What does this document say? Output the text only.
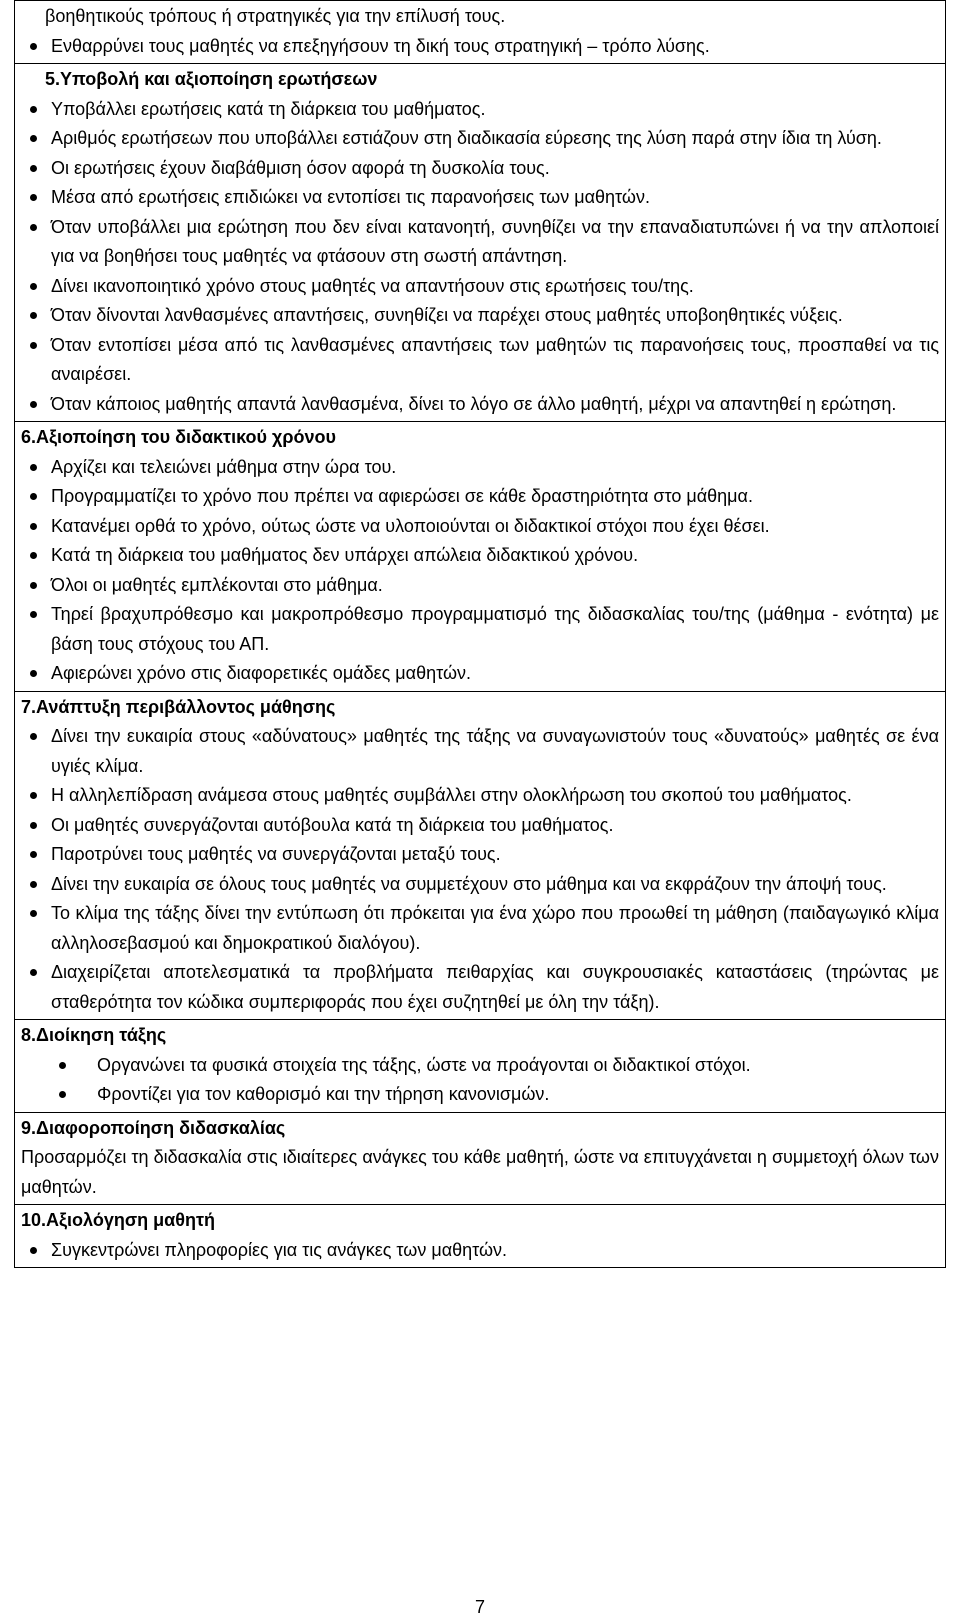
βοηθητικούς τρόπους ή στρατηγικές για την επίλυσή τους.
Ενθαρρύνει τους μαθητές να επεξηγήσουν τη δική τους στρατηγική – τρόπο λύσης.

5.Υποβολή και αξιοποίηση ερωτήσεων
Υποβάλλει ερωτήσεις κατά τη διάρκεια του μαθήματος.
Αριθμός ερωτήσεων που υποβάλλει εστιάζουν στη διαδικασία εύρεσης της λύση παρά στην ίδια τη λύση.
Οι ερωτήσεις έχουν διαβάθμιση όσον αφορά τη δυσκολία τους.
Μέσα από ερωτήσεις επιδιώκει να εντοπίσει τις παρανοήσεις των μαθητών.
Όταν υποβάλλει μια ερώτηση που δεν είναι κατανοητή, συνηθίζει να την επαναδιατυπώνει ή να την απλοποιεί για να βοηθήσει τους μαθητές να φτάσουν στη σωστή απάντηση.
Δίνει ικανοποιητικό χρόνο στους μαθητές να απαντήσουν στις ερωτήσεις του/της.
Όταν δίνονται λανθασμένες απαντήσεις, συνηθίζει να παρέχει στους μαθητές υποβοηθητικές νύξεις.
Όταν εντοπίσει μέσα από τις λανθασμένες απαντήσεις των μαθητών τις παρανοήσεις τους, προσπαθεί να τις αναιρέσει.
Όταν κάποιος μαθητής απαντά λανθασμένα, δίνει το λόγο σε άλλο μαθητή, μέχρι να απαντηθεί η ερώτηση.

6.Αξιοποίηση του διδακτικού χρόνου
Αρχίζει και τελειώνει μάθημα στην ώρα του.
Προγραμματίζει το χρόνο που πρέπει να αφιερώσει σε κάθε δραστηριότητα στο μάθημα.
Κατανέμει ορθά το χρόνο, ούτως ώστε να υλοποιούνται οι διδακτικοί στόχοι που έχει θέσει.
Κατά τη διάρκεια του μαθήματος δεν υπάρχει απώλεια διδακτικού χρόνου.
Όλοι οι μαθητές εμπλέκονται στο μάθημα.
Τηρεί βραχυπρόθεσμο και μακροπρόθεσμο προγραμματισμό της διδασκαλίας του/της (μάθημα - ενότητα) με βάση τους στόχους του ΑΠ.
Αφιερώνει χρόνο στις διαφορετικές ομάδες μαθητών.

7.Ανάπτυξη περιβάλλοντος μάθησης
Δίνει την ευκαιρία στους «αδύνατους» μαθητές της τάξης να συναγωνιστούν τους «δυνατούς» μαθητές σε ένα υγιές κλίμα.
Η αλληλεπίδραση ανάμεσα στους μαθητές συμβάλλει στην ολοκλήρωση του σκοπού του μαθήματος.
Οι μαθητές συνεργάζονται αυτόβουλα κατά τη διάρκεια του μαθήματος.
Παροτρύνει τους μαθητές να συνεργάζονται μεταξύ τους.
Δίνει την ευκαιρία σε όλους τους μαθητές να συμμετέχουν στο μάθημα και να εκφράζουν την άποψή τους.
Το κλίμα της τάξης δίνει την εντύπωση ότι πρόκειται για ένα χώρο που προωθεί τη μάθηση (παιδαγωγικό κλίμα αλληλοσεβασμού και δημοκρατικού διαλόγου).
Διαχειρίζεται αποτελεσματικά τα προβλήματα πειθαρχίας και συγκρουσιακές καταστάσεις (τηρώντας με σταθερότητα τον κώδικα συμπεριφοράς που έχει συζητηθεί με όλη την τάξη).

8.Διοίκηση τάξης
Οργανώνει τα φυσικά στοιχεία της τάξης, ώστε να προάγονται οι διδακτικοί στόχοι.
Φροντίζει για τον καθορισμό και την τήρηση κανονισμών.

9.Διαφοροποίηση διδασκαλίας
Προσαρμόζει τη διδασκαλία στις ιδιαίτερες ανάγκες του κάθε μαθητή, ώστε να επιτυγχάνεται η συμμετοχή όλων των μαθητών.

10.Αξιολόγηση μαθητή
Συγκεντρώνει πληροφορίες για τις ανάγκες των μαθητών.
7
